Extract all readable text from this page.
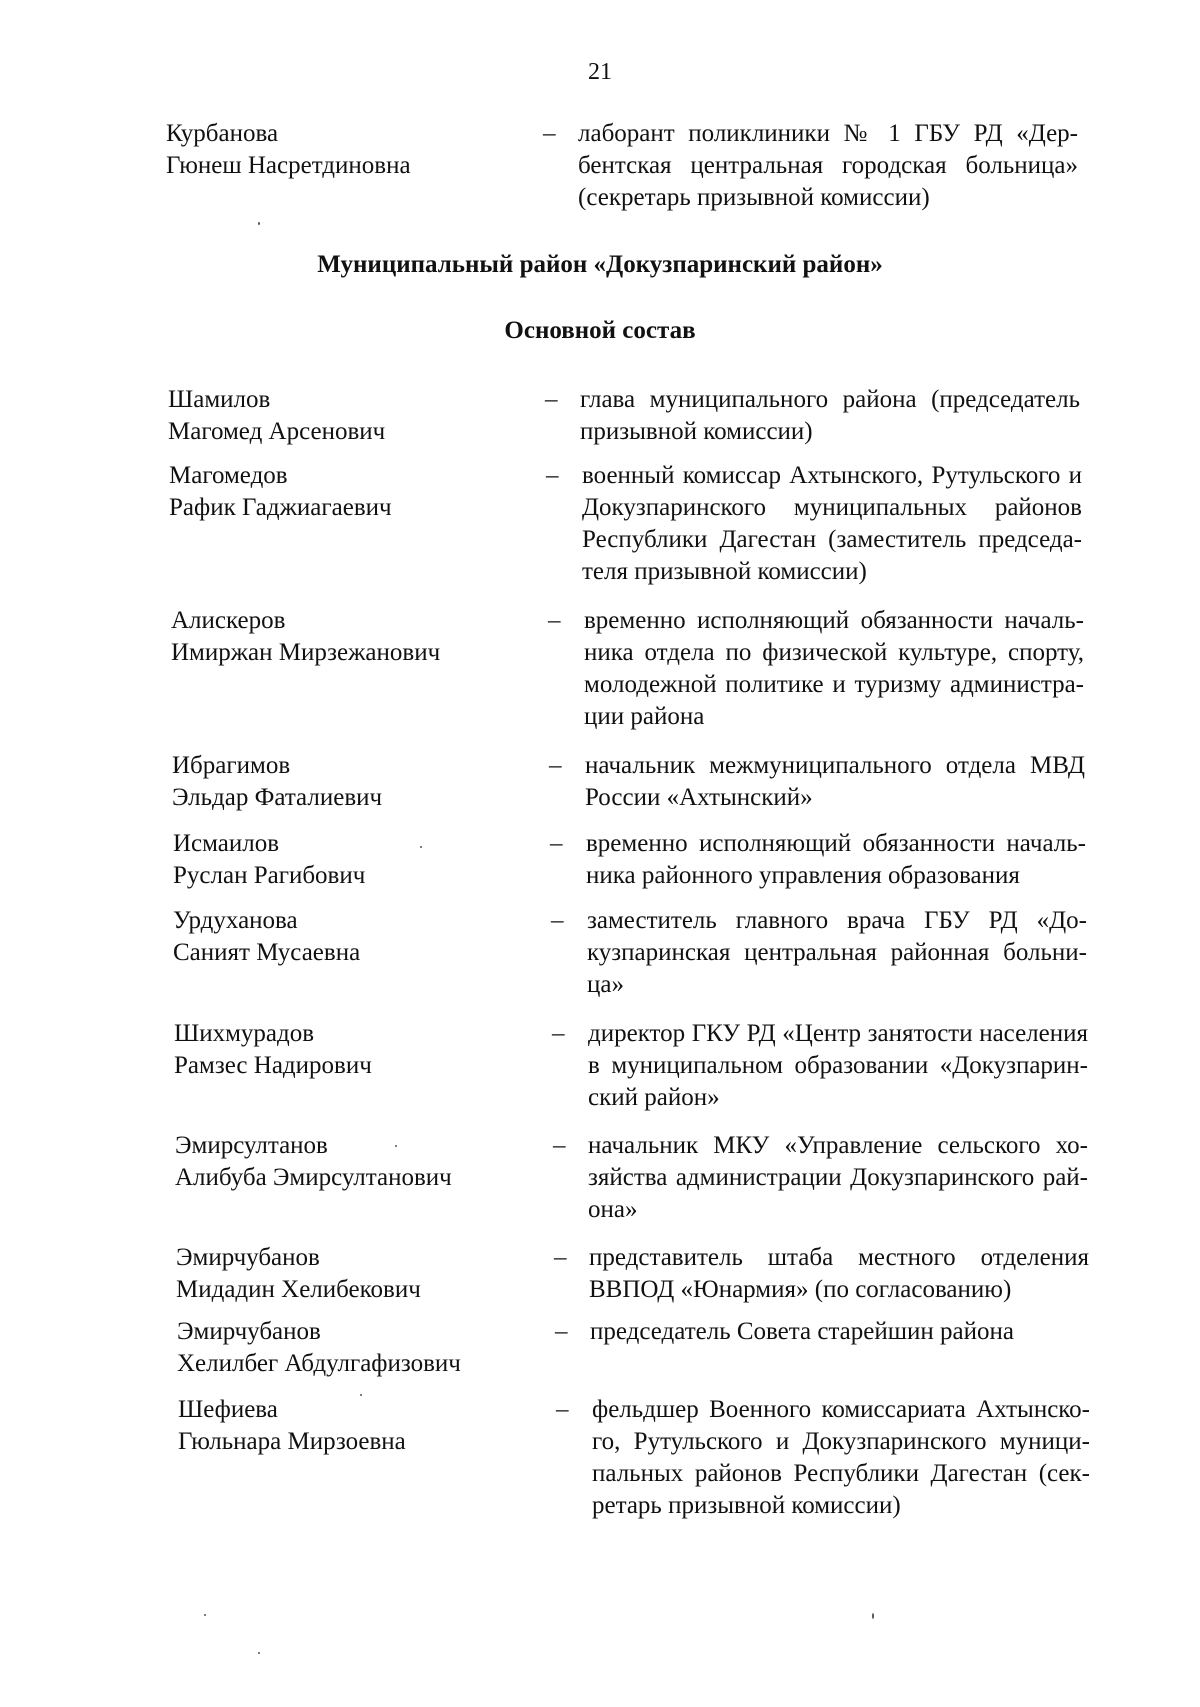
21
Курбанова
Гюнеш Насретдиновна
– лаборант поликлиники № 1 ГБУ РД «Дер-бентская центральная городская больница» (секретарь призывной комиссии)
Муниципальный район «Докузпаринский район»
Основной состав
Шамилов
Магомед Арсенович
– глава муниципального района (председатель призывной комиссии)
Магомедов
Рафик Гаджиагаевич
– военный комиссар Ахтынского, Рутульского и Докузпаринского муниципальных районов Республики Дагестан (заместитель председа-теля призывной комиссии)
Алискеров
Имиржан Мирзежанович
– временно исполняющий обязанности началь-ника отдела по физической культуре, спорту, молодежной политике и туризму администра-ции района
Ибрагимов
Эльдар Фаталиевич
– начальник межмуниципального отдела МВД России «Ахтынский»
Исмаилов
Руслан Рагибович
– временно исполняющий обязанности началь-ника районного управления образования
Урдуханова
Саният Мусаевна
– заместитель главного врача ГБУ РД «До-кузпаринская центральная районная больни-ца»
Шихмурадов
Рамзес Надирович
– директор ГКУ РД «Центр занятости населения в муниципальном образовании «Докузпарин-ский район»
Эмирсултанов
Алибуба Эмирсултанович
– начальник МКУ «Управление сельского хо-зяйства администрации Докузпаринского рай-она»
Эмирчубанов
Мидадин Хелибекович
– представитель штаба местного отделения ВВПОД «Юнармия» (по согласованию)
Эмирчубанов
Хелилбег Абдулгафизович
– председатель Совета старейшин района
Шефиева
Гюльнара Мирзоевна
– фельдшер Военного комиссариата Ахтынско-го, Рутульского и Докузпаринского муници-пальных районов Республики Дагестан (сек-ретарь призывной комиссии)
